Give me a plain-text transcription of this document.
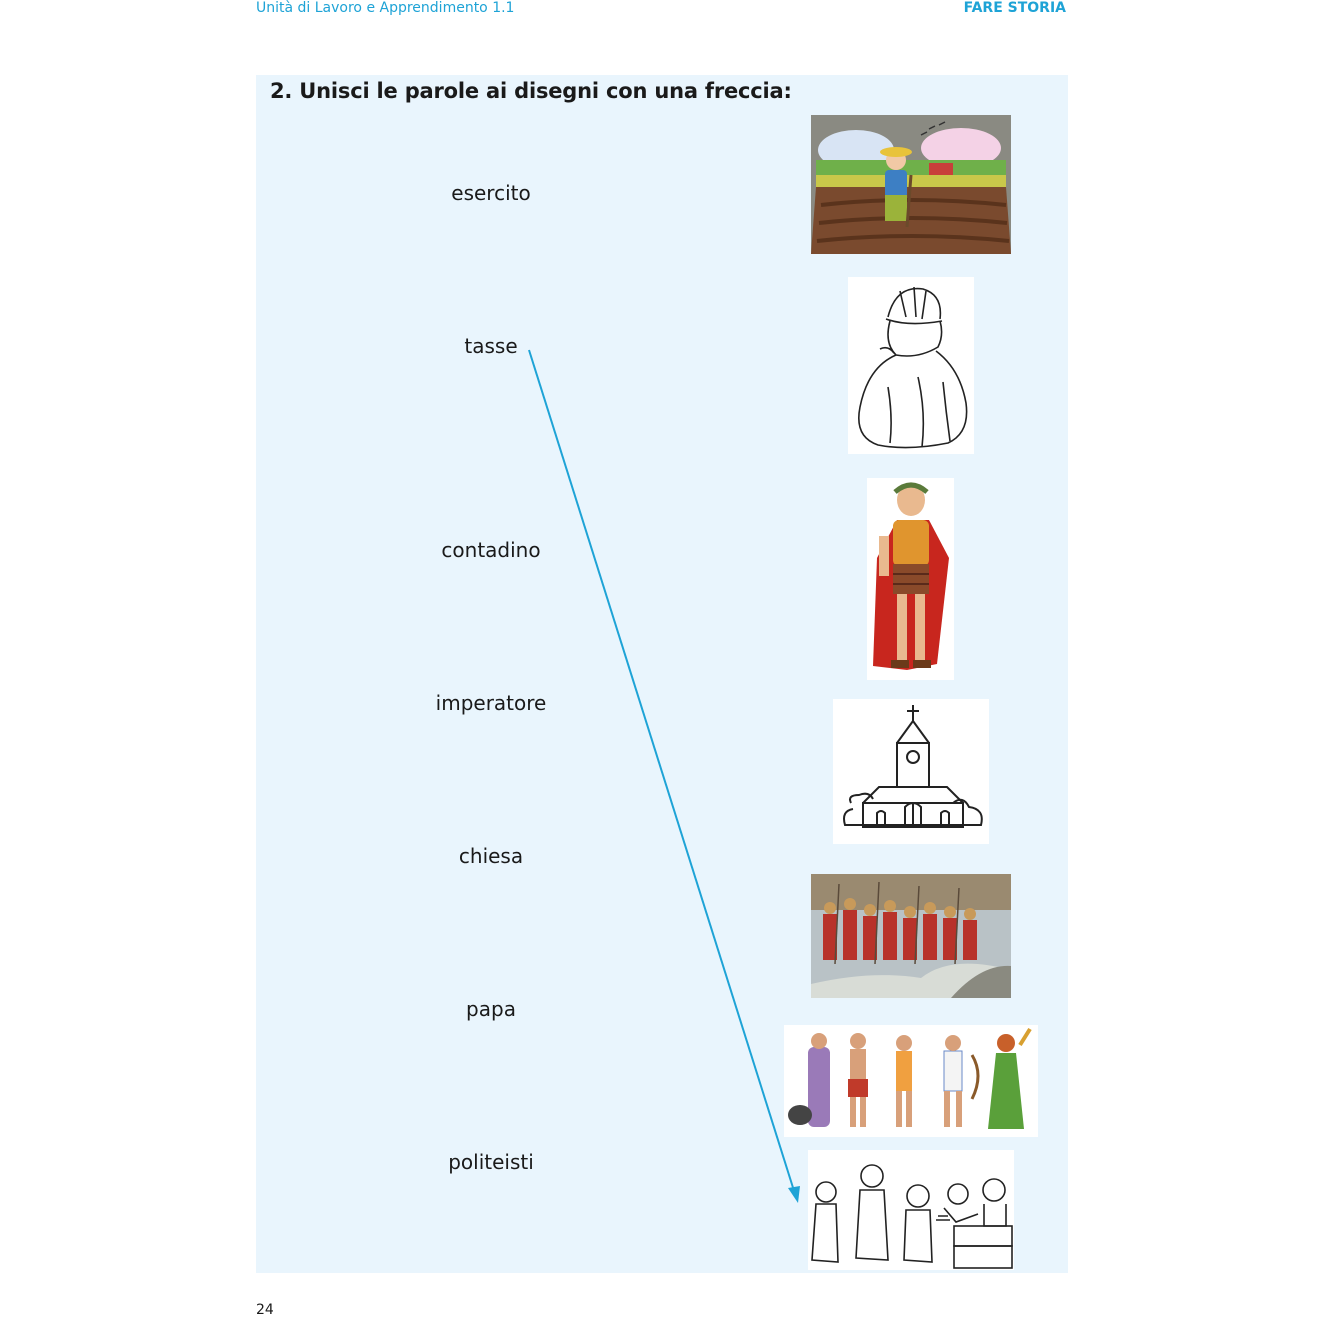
Unità di Lavoro e Apprendimento 1.1	FARE STORIA
2. Unisci le parole ai disegni con una freccia:
esercito
tasse
contadino
imperatore
chiesa
papa
politeisti
24
